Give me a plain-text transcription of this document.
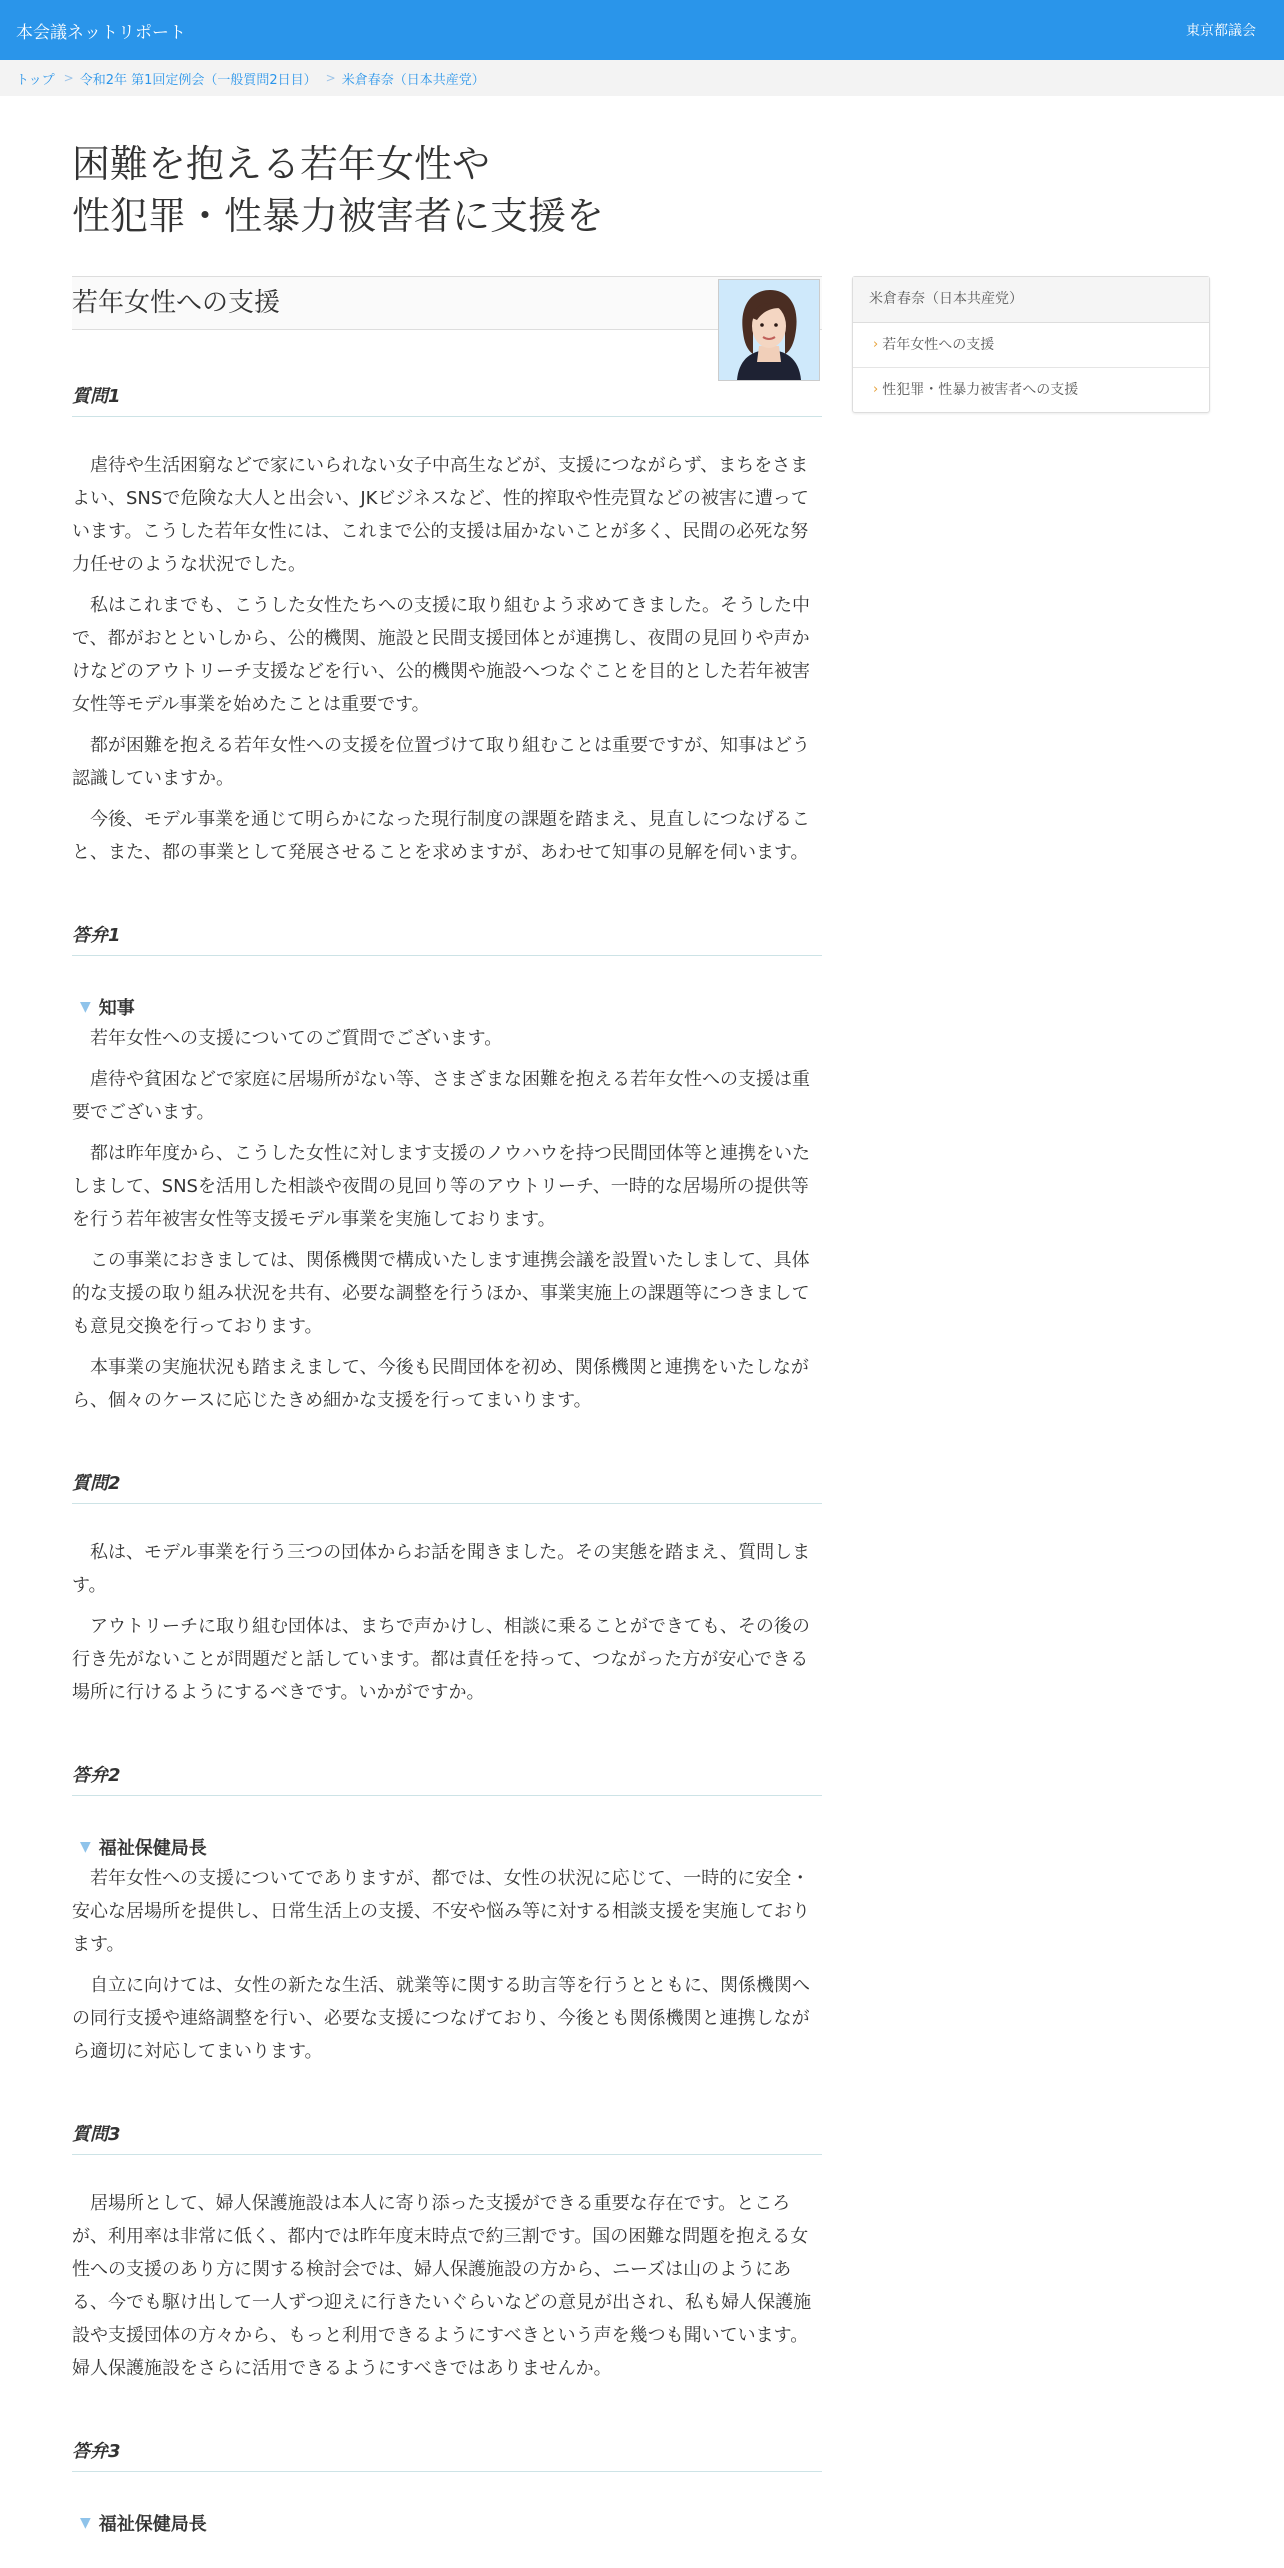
本会議ネットリポート	東京都議会
トップ > 令和2年 第1回定例会（一般質問2日目） > 米倉春奈（日本共産党）
困難を抱える若年女性や
性犯罪・性暴力被害者に支援を
若年女性への支援
質問1

虐待や生活困窮などで家にいられない女子中高生などが、支援につながらず、まちをさまよい、SNSで危険な大人と出会い、JKビジネスなど、性的搾取や性売買などの被害に遭っています。こうした若年女性には、これまで公的支援は届かないことが多く、民間の必死な努力任せのような状況でした。

私はこれまでも、こうした女性たちへの支援に取り組むよう求めてきました。そうした中で、都がおとといしから、公的機関、施設と民間支援団体とが連携し、夜間の見回りや声かけなどのアウトリーチ支援などを行い、公的機関や施設へつなぐことを目的とした若年被害女性等モデル事業を始めたことは重要です。

都が困難を抱える若年女性への支援を位置づけて取り組むことは重要ですが、知事はどう認識していますか。

今後、モデル事業を通じて明らかになった現行制度の課題を踏まえ、見直しにつなげること、また、都の事業として発展させることを求めますが、あわせて知事の見解を伺います。

答弁1
▼ 知事

若年女性への支援についてのご質問でございます。

虐待や貧困などで家庭に居場所がない等、さまざまな困難を抱える若年女性への支援は重要でございます。

都は昨年度から、こうした女性に対します支援のノウハウを持つ民間団体等と連携をいたしまして、SNSを活用した相談や夜間の見回り等のアウトリーチ、一時的な居場所の提供等を行う若年被害女性等支援モデル事業を実施しております。

この事業におきましては、関係機関で構成いたします連携会議を設置いたしまして、具体的な支援の取り組み状況を共有、必要な調整を行うほか、事業実施上の課題等につきましても意見交換を行っております。

本事業の実施状況も踏まえまして、今後も民間団体を初め、関係機関と連携をいたしながら、個々のケースに応じたきめ細かな支援を行ってまいります。

質問2

私は、モデル事業を行う三つの団体からお話を聞きました。その実態を踏まえ、質問します。

アウトリーチに取り組む団体は、まちで声かけし、相談に乗ることができても、その後の行き先がないことが問題だと話しています。都は責任を持って、つながった方が安心できる場所に行けるようにするべきです。いかがですか。

答弁2
▼ 福祉保健局長

若年女性への支援についてでありますが、都では、女性の状況に応じて、一時的に安全・安心な居場所を提供し、日常生活上の支援、不安や悩み等に対する相談支援を実施しております。

自立に向けては、女性の新たな生活、就業等に関する助言等を行うとともに、関係機関への同行支援や連絡調整を行い、必要な支援につなげており、今後とも関係機関と連携しながら適切に対応してまいります。

質問3

居場所として、婦人保護施設は本人に寄り添った支援ができる重要な存在です。ところが、利用率は非常に低く、都内では昨年度末時点で約三割です。国の困難な問題を抱える女性への支援のあり方に関する検討会では、婦人保護施設の方から、ニーズは山のようにある、今でも駆け出して一人ずつ迎えに行きたいぐらいなどの意見が出され、私も婦人保護施設や支援団体の方々から、もっと利用できるようにすべきという声を幾つも聞いています。婦人保護施設をさらに活用できるようにすべきではありませんか。

答弁3
▼ 福祉保健局長
米倉春奈（日本共産党）
› 若年女性への支援
› 性犯罪・性暴力被害者への支援
